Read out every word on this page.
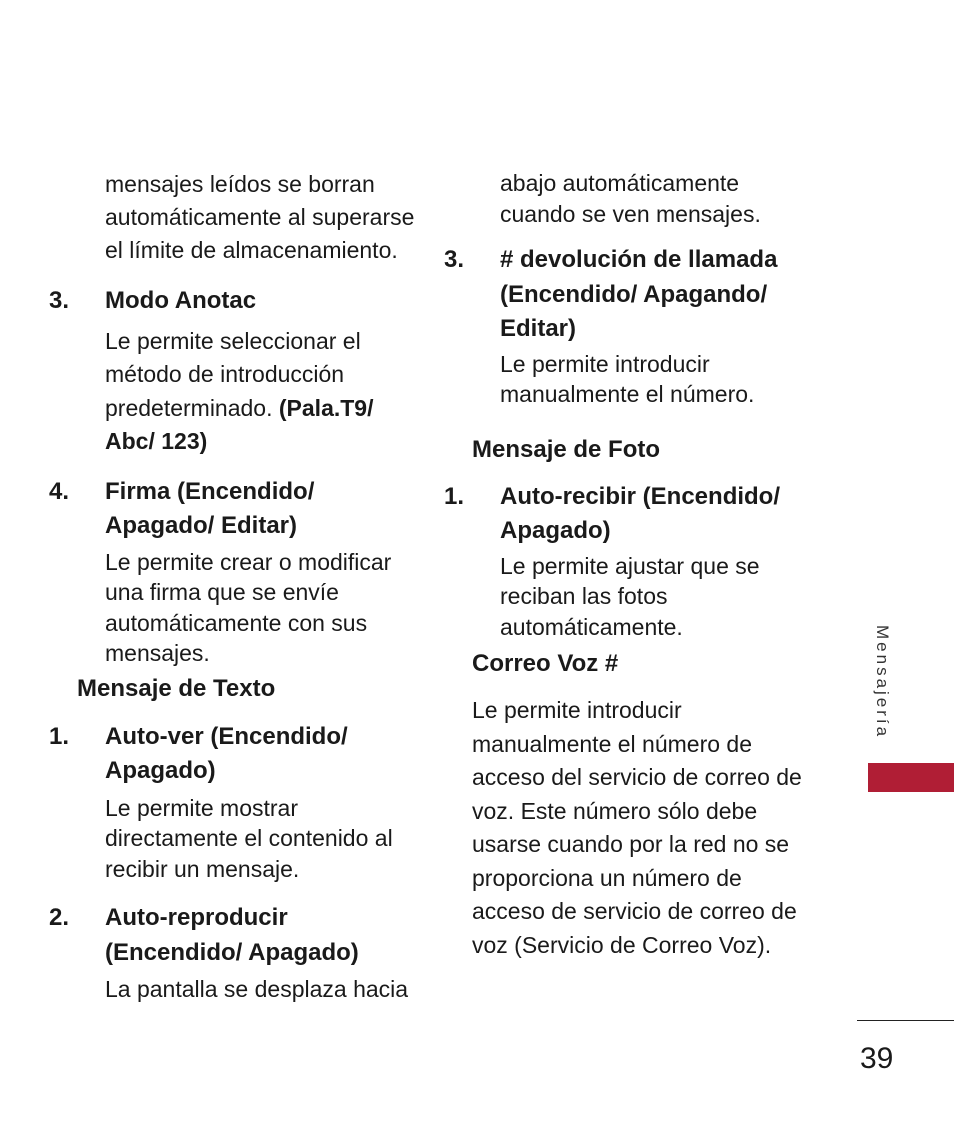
mensajes leídos se borran automáticamente al superarse el límite de almacenamiento.

3. Modo Anotac

Le permite seleccionar el método de introducción predeterminado. (Pala.T9/ Abc/ 123)

4. Firma (Encendido/ Apagado/ Editar)

Le permite crear o modificar una firma que se envíe automáticamente con sus mensajes.

Mensaje de Texto

1. Auto-ver (Encendido/ Apagado)

Le permite mostrar directamente el contenido al recibir un mensaje.

2. Auto-reproducir (Encendido/ Apagado)

La pantalla se desplaza hacia

abajo automáticamente cuando se ven mensajes.

3. # devolución de llamada (Encendido/ Apagando/ Editar)

Le permite introducir manualmente el número.

Mensaje de Foto

1. Auto-recibir (Encendido/ Apagado)

Le permite ajustar que se reciban las fotos automáticamente.

Correo Voz #

Le permite introducir manualmente el número de acceso del servicio de correo de voz. Este número sólo debe usarse cuando por la red no se proporciona un número de acceso de servicio de correo de voz (Servicio de Correo Voz).

Mensajería
39
